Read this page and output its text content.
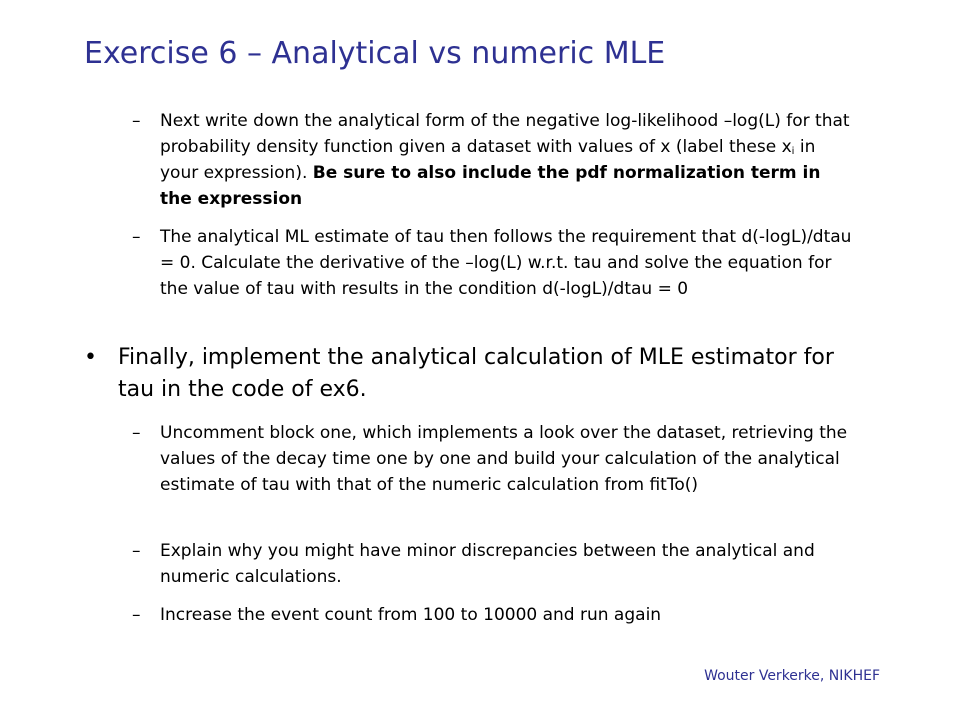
Exercise 6 – Analytical vs numeric MLE
–	Next write down the analytical form of the negative log-likelihood –log(L) for that probability density function given a dataset with values of x (label these $x_i$ in your expression). Be sure to also include the pdf normalization term in the expression
–	The analytical ML estimate of tau then follows the requirement that d(-logL)/dtau = 0. Calculate the derivative of the –log(L) w.r.t. tau and solve the equation for the value of tau with results in the condition d(-logL)/dtau = 0
• Finally, implement the analytical calculation of MLE estimator for tau in the code of ex6.
–	Uncomment block one, which implements a look over the dataset, retrieving the values of the decay time one by one and build your calculation of the analytical estimate of tau with that of the numeric calculation from fitTo()
–	Explain why you might have minor discrepancies between the analytical and numeric calculations.
–	Increase the event count from 100 to 10000 and run again
Wouter Verkerke, NIKHEF
